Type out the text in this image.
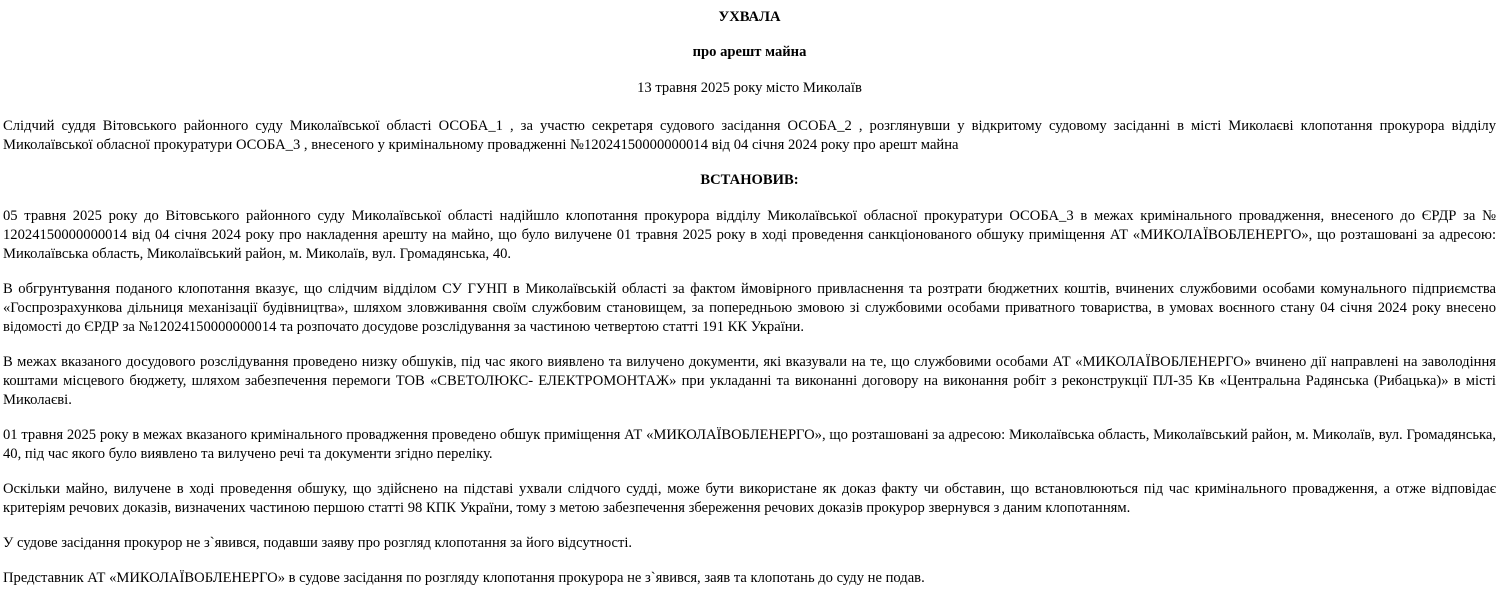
УХВАЛА
про арешт майна
13 травня 2025 року місто Миколаїв

Слідчий суддя Вітовського районного суду Миколаївської області ОСОБА_1 , за участю секретаря судового засідання ОСОБА_2 , розглянувши у відкритому судовому засіданні в місті Миколаєві клопотання прокурора відділу Миколаївської обласної прокуратури ОСОБА_3 , внесеного у кримінальному провадженні №12024150000000014 від 04 січня 2024 року про арешт майна

ВСТАНОВИВ:

05 травня 2025 року до Вітовського районного суду Миколаївської області надійшло клопотання прокурора відділу Миколаївської обласної прокуратури ОСОБА_3 в межах кримінального провадження, внесеного до ЄРДР за № 12024150000000014 від 04 січня 2024 року про накладення арешту на майно, що було вилучене 01 травня 2025 року в ході проведення санкціонованого обшуку приміщення АТ «МИКОЛАЇВОБЛЕНЕРГО», що розташовані за адресою: Миколаївська область, Миколаївський район, м. Миколаїв, вул. Громадянська, 40.

В обгрунтування поданого клопотання вказує, що слідчим відділом СУ ГУНП в Миколаївській області за фактом ймовірного привласнення та розтрати бюджетних коштів, вчинених службовими особами комунального підприємства «Госпрозрахункова дільниця механізації будівництва», шляхом зловживання своїм службовим становищем, за попередньою змовою зі службовими особами приватного товариства, в умовах воєнного стану 04 січня 2024 року внесено відомості до ЄРДР за №12024150000000014 та розпочато досудове розслідування за частиною четвертою статті 191 КК України.

В межах вказаного досудового розслідування проведено низку обшуків, під час якого виявлено та вилучено документи, які вказували на те, що службовими особами АТ «МИКОЛАЇВОБЛЕНЕРГО» вчинено дії направлені на заволодіння коштами місцевого бюджету, шляхом забезпечення перемоги ТОВ «СВЕТОЛЮКС- ЕЛЕКТРОМОНТАЖ» при укладанні та виконанні договору на виконання робіт з реконструкції ПЛ-35 Кв «Центральна Радянська (Рибацька)» в місті Миколаєві.

01 травня 2025 року в межах вказаного кримінального провадження проведено обшук приміщення АТ «МИКОЛАЇВОБЛЕНЕРГО», що розташовані за адресою: Миколаївська область, Миколаївський район, м. Миколаїв, вул. Громадянська, 40, під час якого було виявлено та вилучено речі та документи згідно переліку.

Оскільки майно, вилучене в ході проведення обшуку, що здійснено на підставі ухвали слідчого судді, може бути використане як доказ факту чи обставин, що встановлюються під час кримінального провадження, а отже відповідає критеріям речових доказів, визначених частиною першою статті 98 КПК України, тому з метою забезпечення збереження речових доказів прокурор звернувся з даним клопотанням.

У судове засідання прокурор не з`явився, подавши заяву про розгляд клопотання за його відсутності.

Представник АТ «МИКОЛАЇВОБЛЕНЕРГО» в судове засідання по розгляду клопотання прокурора не з`явився, заяв та клопотань до суду не подав.
